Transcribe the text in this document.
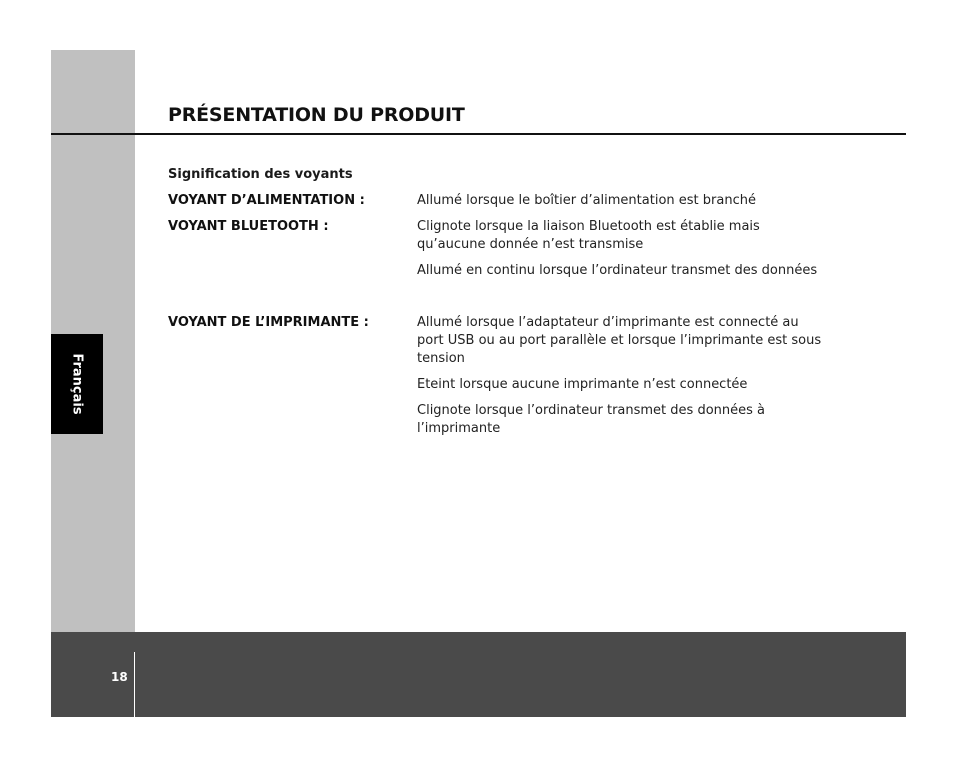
Français
PRÉSENTATION DU PRODUIT
Signification des voyants
VOYANT D’ALIMENTATION :	Allumé lorsque le boîtier d’alimentation est branché
VOYANT BLUETOOTH :	Clignote lorsque la liaison Bluetooth est établie mais qu’aucune donnée n’est transmise
Allumé en continu lorsque l’ordinateur transmet des données
VOYANT DE L’IMPRIMANTE :	Allumé lorsque l’adaptateur d’imprimante est connecté au port USB ou au port parallèle et lorsque l’imprimante est sous tension
Eteint lorsque aucune imprimante n’est connectée
Clignote lorsque l’ordinateur transmet des données à l’imprimante
18
